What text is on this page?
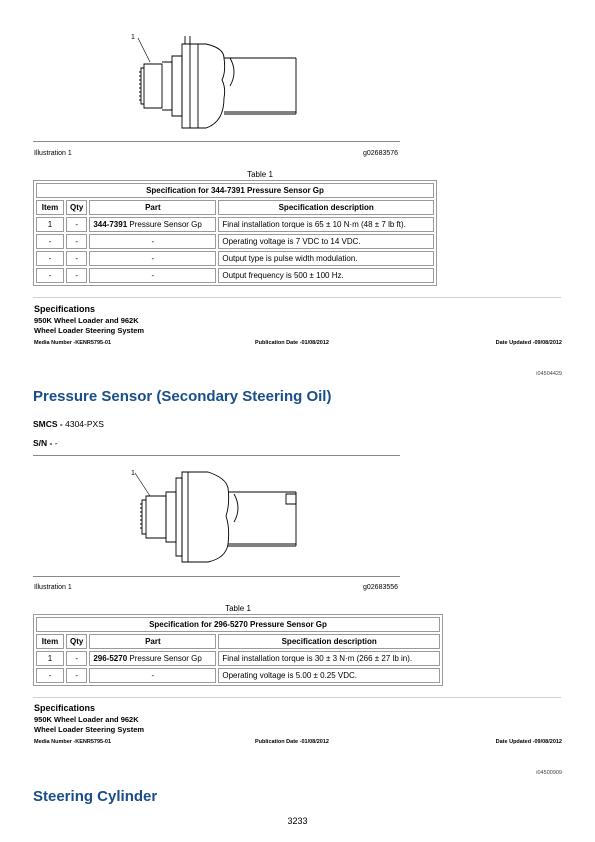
1
Illustration 1	g02683576
Table 1
Specification for 344-7391 Pressure Sensor Gp			
Item	Qty	Part	Specification description
1	-	344-7391 Pressure Sensor Gp	Final installation torque is 65 ± 10 N·m (48 ± 7 lb ft).
-	-	-	Operating voltage is 7 VDC to 14 VDC.
-	-	-	Output type is pulse width modulation.
-	-	-	Output frequency is 500 ± 100 Hz.
Specifications
950K Wheel Loader and 962K
Wheel Loader Steering System
Media Number -KENR5795-01	Publication Date -01/08/2012	Date Updated -09/08/2012
i04504429
Pressure Sensor (Secondary Steering Oil)
SMCS - 4304-PXS
S/N - -
1
Illustration 1	g02683556
Table 1
Specification for 296-5270 Pressure Sensor Gp			
Item	Qty	Part	Specification description
1	-	296-5270 Pressure Sensor Gp	Final installation torque is 30 ± 3 N·m (266 ± 27 lb in).
-	-	-	Operating voltage is 5.00 ± 0.25 VDC.
Specifications
950K Wheel Loader and 962K
Wheel Loader Steering System
Media Number -KENR5795-01	Publication Date -01/08/2012	Date Updated -09/08/2012
i04500909
Steering Cylinder
3233
